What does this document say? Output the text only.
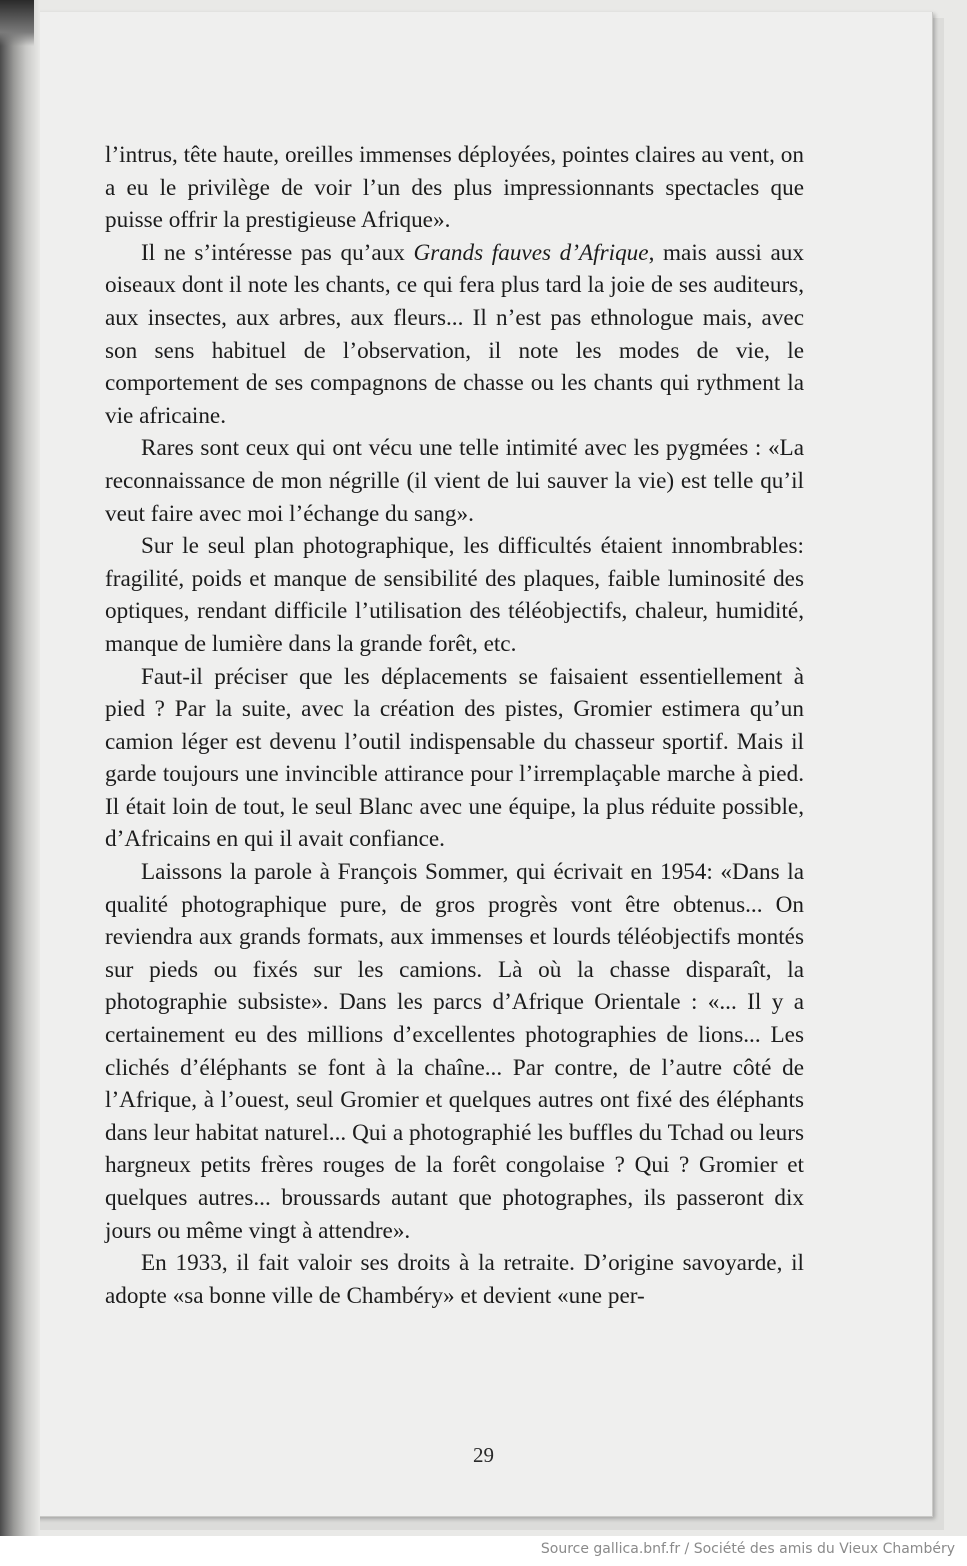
l’intrus, tête haute, oreilles immenses déployées, pointes claires au vent, on a eu le privilège de voir l’un des plus impressionnants spectacles que puisse offrir la prestigieuse Afrique».

Il ne s’intéresse pas qu’aux Grands fauves d’Afrique, mais aussi aux oiseaux dont il note les chants, ce qui fera plus tard la joie de ses auditeurs, aux insectes, aux arbres, aux fleurs... Il n’est pas ethnologue mais, avec son sens habituel de l’observation, il note les modes de vie, le comportement de ses compagnons de chasse ou les chants qui rythment la vie africaine.

Rares sont ceux qui ont vécu une telle intimité avec les pygmées : «La reconnaissance de mon négrille (il vient de lui sauver la vie) est telle qu’il veut faire avec moi l’échange du sang».

Sur le seul plan photographique, les difficultés étaient innombrables: fragilité, poids et manque de sensibilité des plaques, faible luminosité des optiques, rendant difficile l’utilisation des téléobjectifs, chaleur, humidité, manque de lumière dans la grande forêt, etc.

Faut-il préciser que les déplacements se faisaient essentiellement à pied ? Par la suite, avec la création des pistes, Gromier estimera qu’un camion léger est devenu l’outil indispensable du chasseur sportif. Mais il garde toujours une invincible attirance pour l’irremplaçable marche à pied. Il était loin de tout, le seul Blanc avec une équipe, la plus réduite possible, d’Africains en qui il avait confiance.

Laissons la parole à François Sommer, qui écrivait en 1954: «Dans la qualité photographique pure, de gros progrès vont être obtenus... On reviendra aux grands formats, aux immenses et lourds téléobjectifs montés sur pieds ou fixés sur les camions. Là où la chasse disparaît, la photographie subsiste». Dans les parcs d’Afrique Orientale : «... Il y a certainement eu des millions d’excellentes photographies de lions... Les clichés d’éléphants se font à la chaîne... Par contre, de l’autre côté de l’Afrique, à l’ouest, seul Gromier et quelques autres ont fixé des éléphants dans leur habitat naturel... Qui a photographié les buffles du Tchad ou leurs hargneux petits frères rouges de la forêt congolaise ? Qui ? Gromier et quelques autres... broussards autant que photographes, ils passeront dix jours ou même vingt à attendre».

En 1933, il fait valoir ses droits à la retraite. D’origine savoyarde, il adopte «sa bonne ville de Chambéry» et devient «une per-

29
Source gallica.bnf.fr / Société des amis du Vieux Chambéry
